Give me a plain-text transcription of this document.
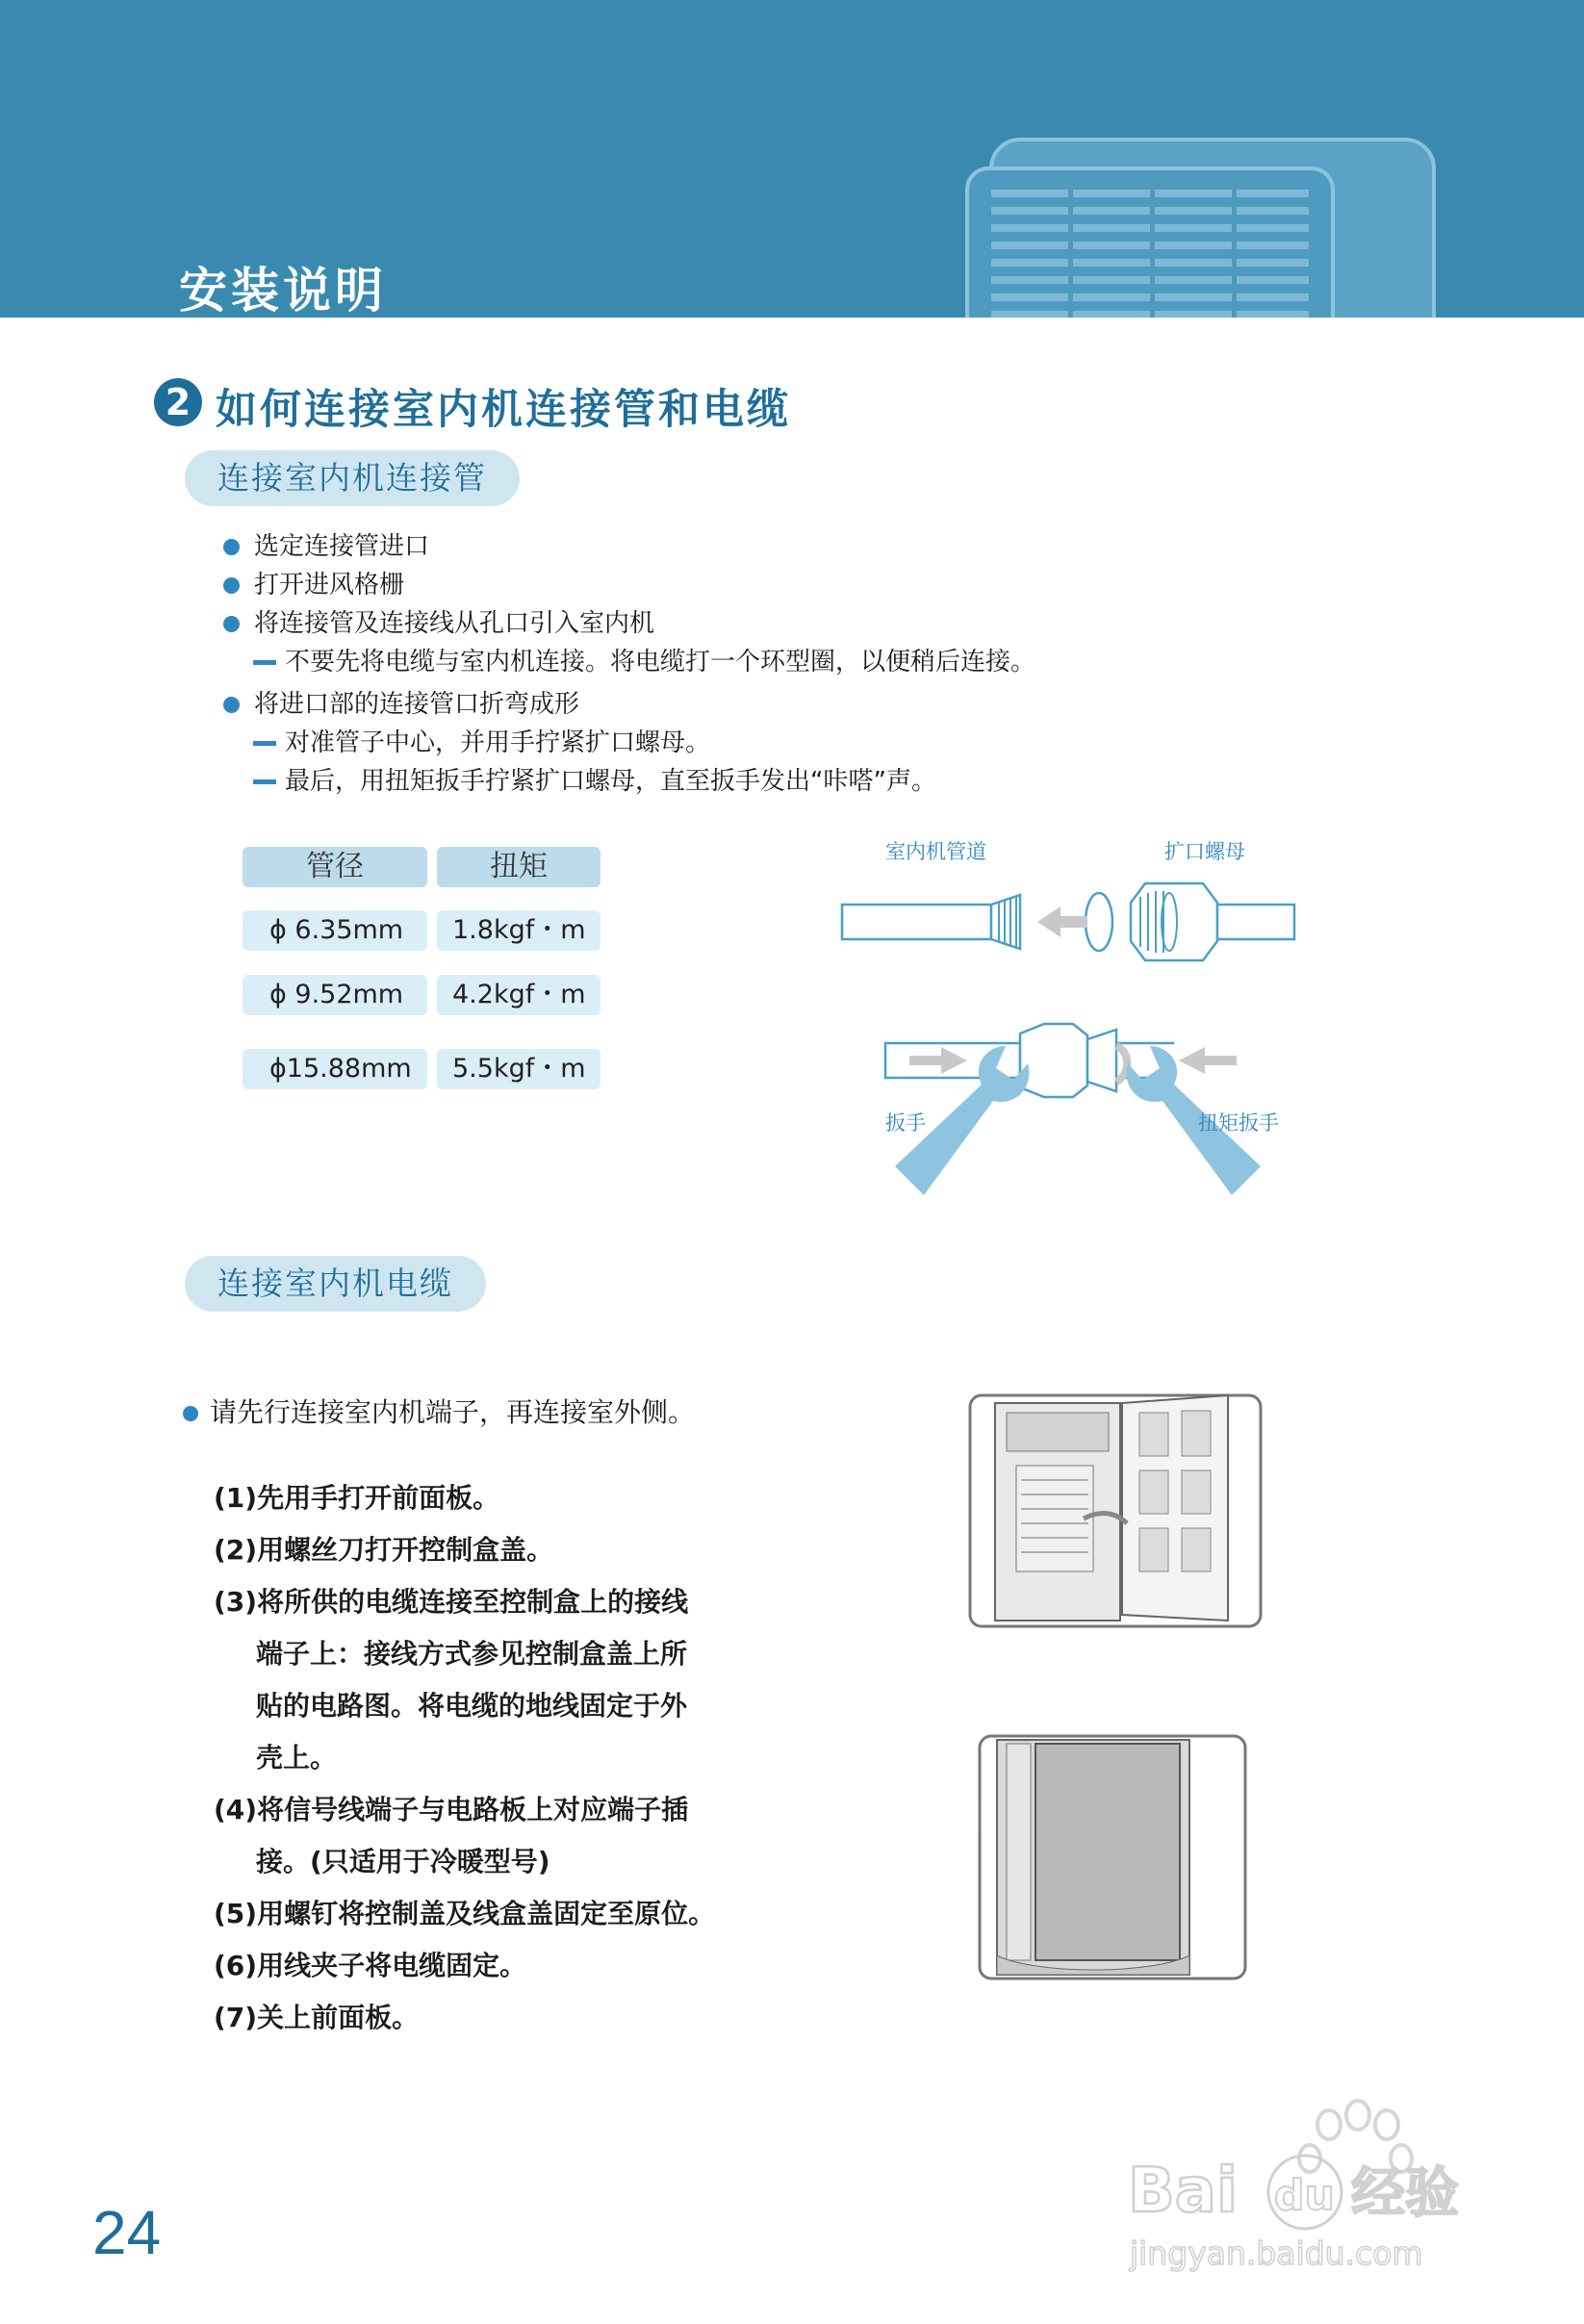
安装说明
2 如何连接室内机连接管和电缆
连接室内机连接管
选定连接管进口
打开进风格栅
将连接管及连接线从孔口引入室内机
不要先将电缆与室内机连接。将电缆打一个环型圈，以便稍后连接。
将进口部的连接管口折弯成形
对准管子中心，并用手拧紧扩口螺母。
最后，用扭矩扳手拧紧扩口螺母，直至扳手发出“咔嗒”声。
管径	扭矩
ϕ 6.35mm	1.8kgf・m
ϕ 9.52mm	4.2kgf・m
ϕ15.88mm	5.5kgf・m
室内机管道	扩口螺母
扳手	扭矩扳手
连接室内机电缆
请先行连接室内机端子，再连接室外侧。
(1)先用手打开前面板。
(2)用螺丝刀打开控制盒盖。
(3)将所供的电缆连接至控制盒上的接线
端子上：接线方式参见控制盒盖上所
贴的电路图。将电缆的地线固定于外
壳上。
(4)将信号线端子与电路板上对应端子插
接。(只适用于冷暖型号)
(5)用螺钉将控制盖及线盒盖固定至原位。
(6)用线夹子将电缆固定。
(7)关上前面板。
24
Bai du 经验
jingyan.baidu.com
